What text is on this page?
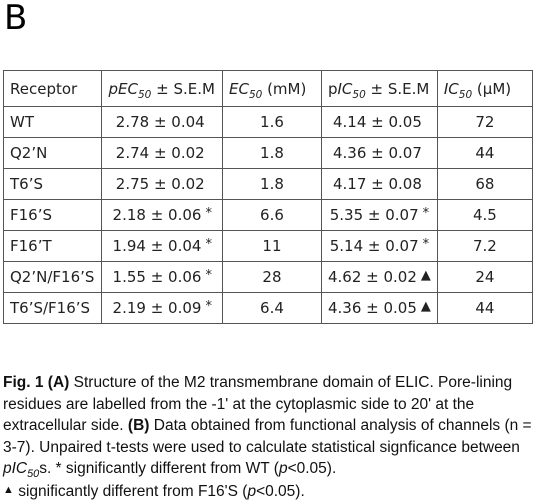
B
Receptor	pEC$_{50}$ ± S.E.M	$EC_{50}$ (mM)	pIC$_{50}$ ± S.E.M	$IC_{50}$ (μM)
WT	2.78 ± 0.04	1.6	4.14 ± 0.05	72
Q2’N	2.74 ± 0.02	1.8	4.36 ± 0.07	44
T6’S	2.75 ± 0.02	1.8	4.17 ± 0.08	68
F16’S	2.18 ± 0.06 *	6.6	5.35 ± 0.07 *	4.5
F16’T	1.94 ± 0.04 *	11	5.14 ± 0.07 *	7.2
Q2’N/F16’S	1.55 ± 0.06 *	28	4.62 ± 0.02 ▲	24
T6’S/F16’S	2.19 ± 0.09 *	6.4	4.36 ± 0.05 ▲	44
Fig. 1 (A) Structure of the M2 transmembrane domain of ELIC. Pore-lining residues are labelled from the -1' at the cytoplasmic side to 20' at the extracellular side. (B) Data obtained from functional analysis of channels (n = 3-7). Unpaired t-tests were used to calculate statistical signficance between pIC$_{50}$s. * significantly different from WT (p<0.05).
▲ significantly different from F16'S (p<0.05).
